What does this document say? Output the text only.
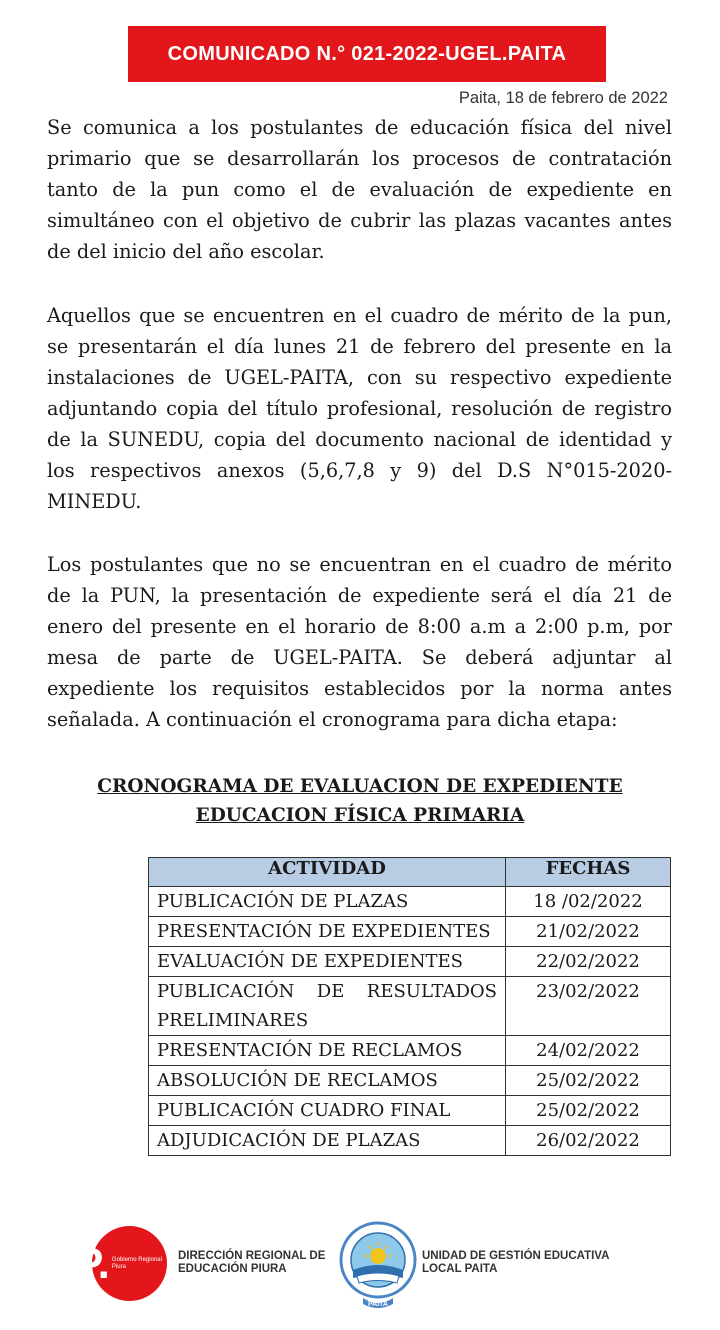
COMUNICADO N.° 021-2022-UGEL.PAITA
Paita, 18 de febrero de 2022

Se comunica a los postulantes de educación física del nivel primario que se desarrollarán los procesos de contratación tanto de la pun como el de evaluación de expediente en simultáneo con el objetivo de cubrir las plazas vacantes antes de del inicio del año escolar.

Aquellos que se encuentren en el cuadro de mérito de la pun, se presentarán el día lunes 21 de febrero del presente en la instalaciones de UGEL-PAITA, con su respectivo expediente adjuntando copia del título profesional, resolución de registro de la SUNEDU, copia del documento nacional de identidad y los respectivos anexos (5,6,7,8 y 9) del D.S N°015-2020-MINEDU.

Los postulantes que no se encuentran en el cuadro de mérito de la PUN, la presentación de expediente será el día 21 de enero del presente en el horario de 8:00 a.m a 2:00 p.m, por mesa de parte de UGEL-PAITA. Se deberá adjuntar al expediente los requisitos establecidos por la norma antes señalada. A continuación el cronograma para dicha etapa:

CRONOGRAMA DE EVALUACION DE EXPEDIENTE EDUCACION FÍSICA PRIMARIA
ACTIVIDAD	FECHAS
PUBLICACIÓN DE PLAZAS	18 /02/2022
PRESENTACIÓN DE EXPEDIENTES	21/02/2022
EVALUACIÓN DE EXPEDIENTES	22/02/2022
PUBLICACIÓN DE RESULTADOS PRELIMINARES	23/02/2022
PRESENTACIÓN DE RECLAMOS	24/02/2022
ABSOLUCIÓN DE RECLAMOS	25/02/2022
PUBLICACIÓN CUADRO FINAL	25/02/2022
ADJUDICACIÓN DE PLAZAS	26/02/2022
P. Gobierno Regional Piura
DIRECCIÓN REGIONAL DE EDUCACIÓN PIURA
PAITA
UNIDAD DE GESTIÓN EDUCATIVA LOCAL PAITA
